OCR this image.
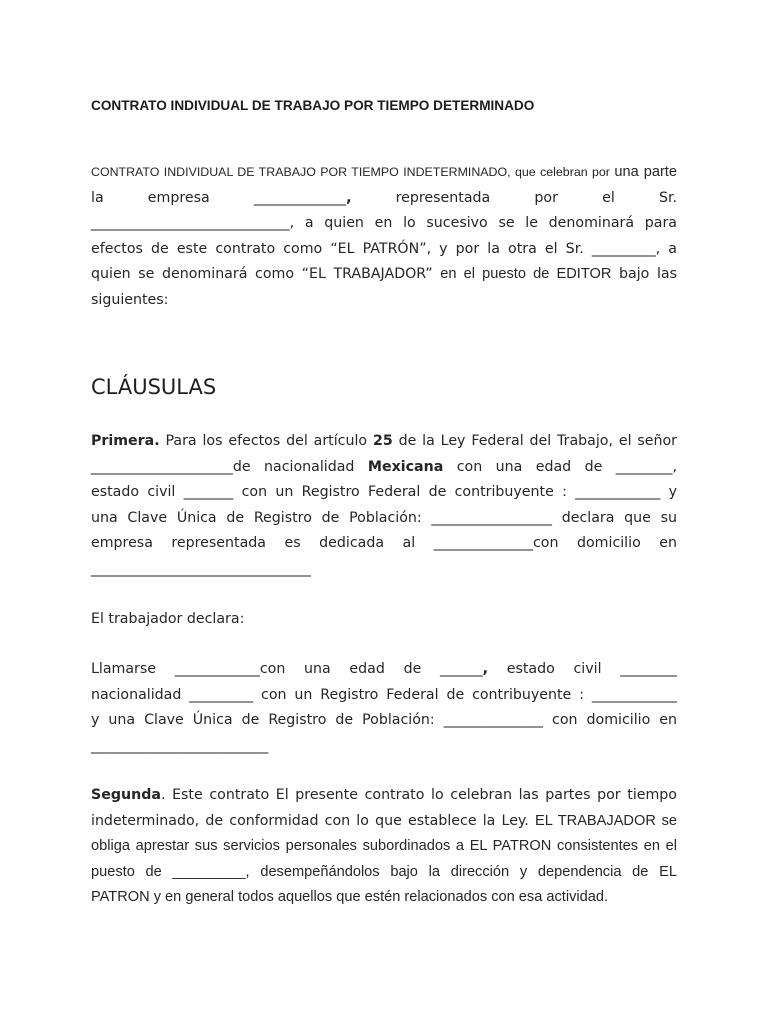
CONTRATO INDIVIDUAL DE TRABAJO POR TIEMPO DETERMINADO
CONTRATO INDIVIDUAL DE TRABAJO POR TIEMPO INDETERMINADO, que celebran por una parte
la empresa _____________, representada por el Sr.
____________________________, a quien en lo sucesivo se le denominará para
efectos de este contrato como “EL PATRÓN”, y por la otra el Sr. _________, a
quien se denominará como “EL TRABAJADOR” en el puesto de EDITOR bajo las
siguientes:
CLÁUSULAS
Primera. Para los efectos del artículo 25 de la Ley Federal del Trabajo, el señor
____________________de nacionalidad Mexicana con una edad de ________,
estado civil _______ con un Registro Federal de contribuyente : ____________ y
una Clave Única de Registro de Población: _________________ declara que su
empresa representada es dedicada al ______________con domicilio en
_______________________________
El trabajador declara:
Llamarse ____________con una edad de ______, estado civil ________
nacionalidad _________ con un Registro Federal de contribuyente : ____________
y una Clave Única de Registro de Población: ______________ con domicilio en
_________________________
Segunda. Este contrato El presente contrato lo celebran las partes por tiempo
indeterminado, de conformidad con lo que establece la Ley. EL TRABAJADOR se
obliga aprestar sus servicios personales subordinados a EL PATRON consistentes en el
puesto de _________, desempeñándolos bajo la dirección y dependencia de EL
PATRON y en general todos aquellos que estén relacionados con esa actividad.
